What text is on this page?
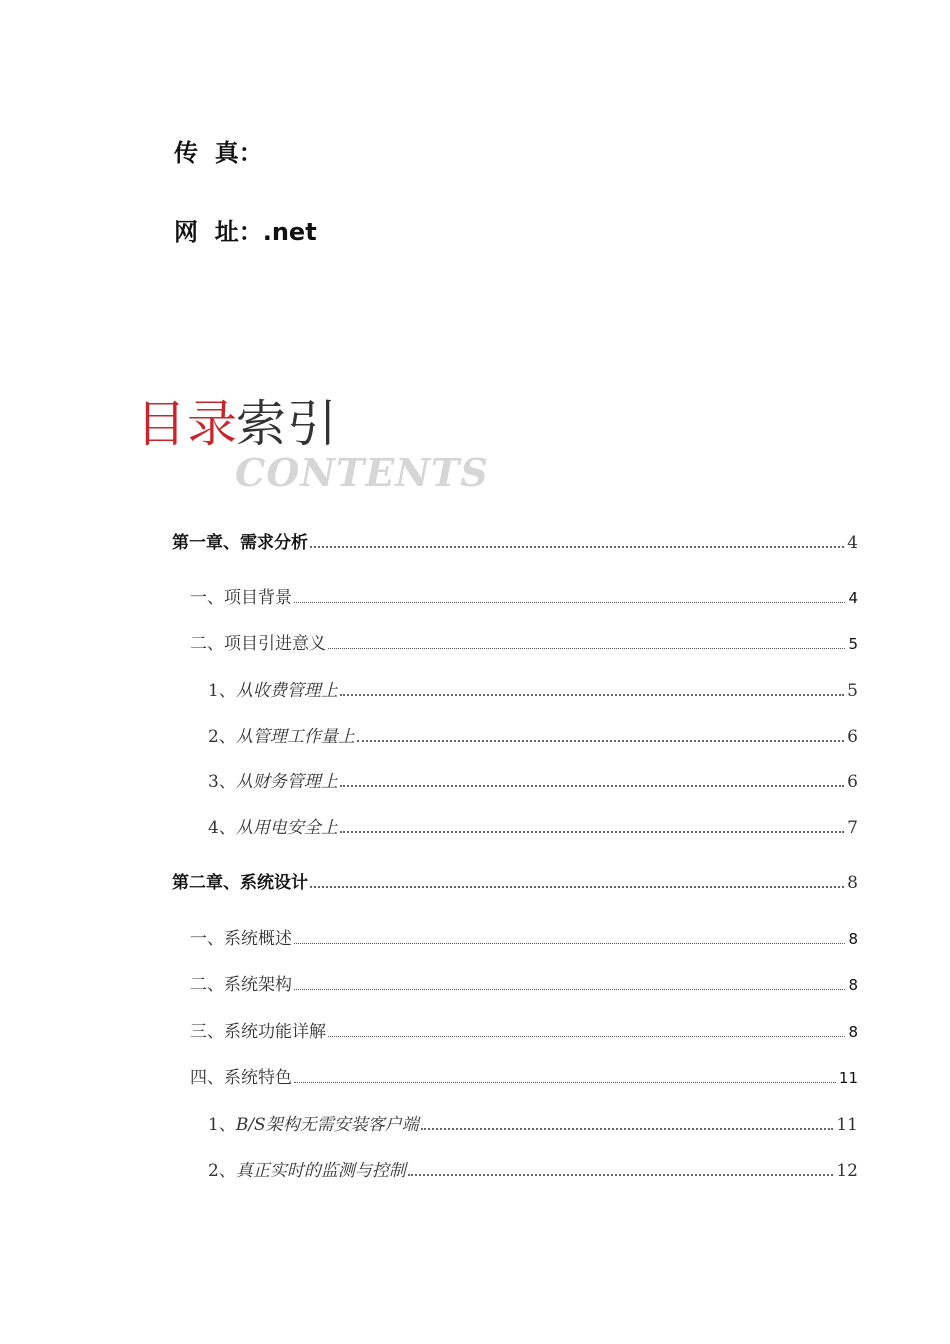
传  真：
网  址：.net
目录
索引
CONTENTS
第一章、需求分析	4
一、项目背景	4
二、项目引进意义	5
1、从收费管理上	5
2、从管理工作量上	6
3、从财务管理上	6
4、从用电安全上	7
第二章、系统设计	8
一、系统概述	8
二、系统架构	8
三、系统功能详解	8
四、系统特色	11
1、B/S架构无需安装客户端	11
2、真正实时的监测与控制	12
